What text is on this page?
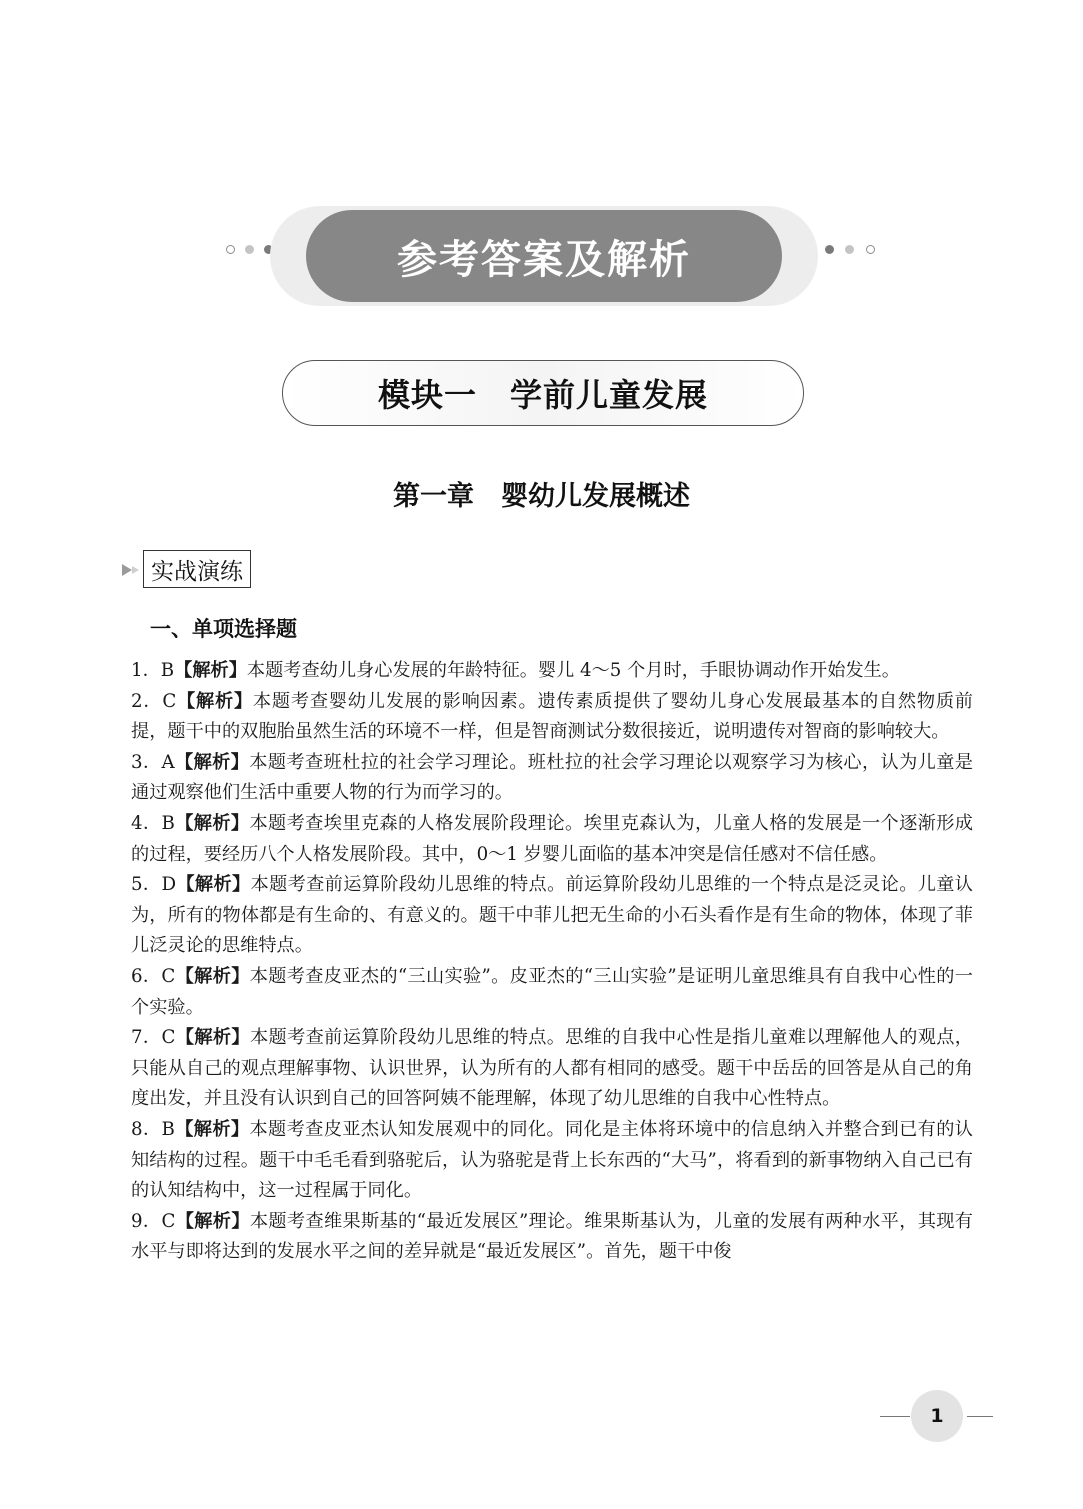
参考答案及解析
模块一　学前儿童发展
第一章　婴幼儿发展概述
实战演练
一、单项选择题

1．B【解析】本题考查幼儿身心发展的年龄特征。婴儿 4～5 个月时，手眼协调动作开始发生。

2．C【解析】本题考查婴幼儿发展的影响因素。遗传素质提供了婴幼儿身心发展最基本的自然物质前提，题干中的双胞胎虽然生活的环境不一样，但是智商测试分数很接近，说明遗传对智商的影响较大。

3．A【解析】本题考查班杜拉的社会学习理论。班杜拉的社会学习理论以观察学习为核心，认为儿童是通过观察他们生活中重要人物的行为而学习的。

4．B【解析】本题考查埃里克森的人格发展阶段理论。埃里克森认为，儿童人格的发展是一个逐渐形成的过程，要经历八个人格发展阶段。其中，0～1 岁婴儿面临的基本冲突是信任感对不信任感。

5．D【解析】本题考查前运算阶段幼儿思维的特点。前运算阶段幼儿思维的一个特点是泛灵论。儿童认为，所有的物体都是有生命的、有意义的。题干中菲儿把无生命的小石头看作是有生命的物体，体现了菲儿泛灵论的思维特点。

6．C【解析】本题考查皮亚杰的“三山实验”。皮亚杰的“三山实验”是证明儿童思维具有自我中心性的一个实验。

7．C【解析】本题考查前运算阶段幼儿思维的特点。思维的自我中心性是指儿童难以理解他人的观点，只能从自己的观点理解事物、认识世界，认为所有的人都有相同的感受。题干中岳岳的回答是从自己的角度出发，并且没有认识到自己的回答阿姨不能理解，体现了幼儿思维的自我中心性特点。

8．B【解析】本题考查皮亚杰认知发展观中的同化。同化是主体将环境中的信息纳入并整合到已有的认知结构的过程。题干中毛毛看到骆驼后，认为骆驼是背上长东西的“大马”，将看到的新事物纳入自己已有的认知结构中，这一过程属于同化。

9．C【解析】本题考查维果斯基的“最近发展区”理论。维果斯基认为，儿童的发展有两种水平，其现有水平与即将达到的发展水平之间的差异就是“最近发展区”。首先，题干中俊

1
